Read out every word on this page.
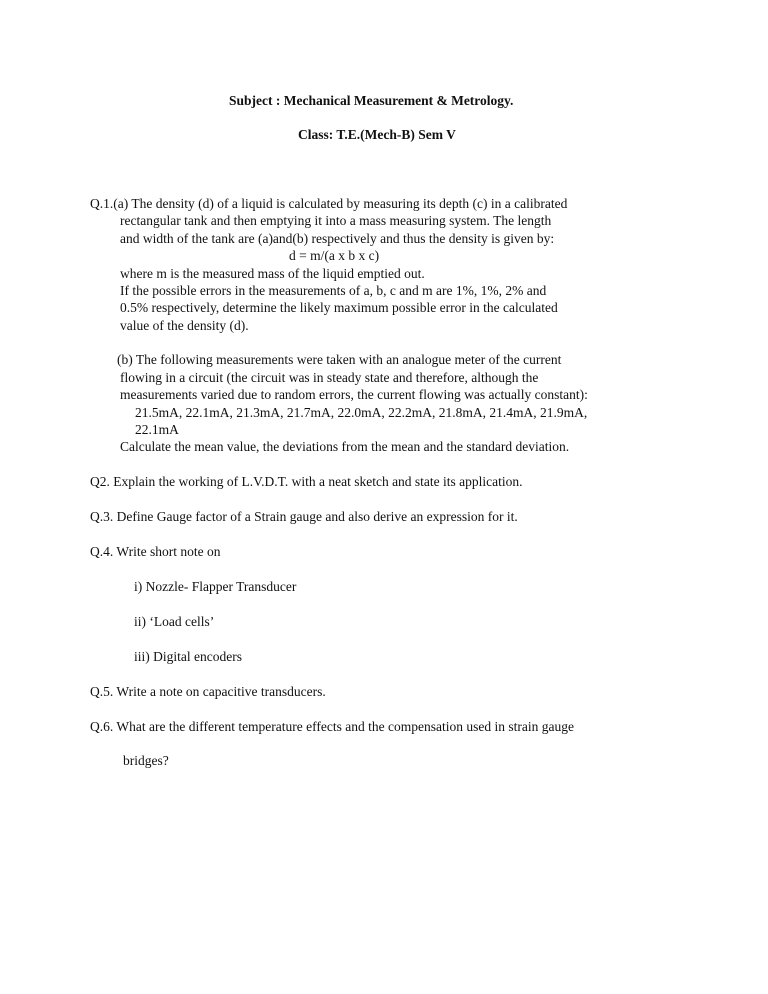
Subject : Mechanical Measurement & Metrology.
Class: T.E.(Mech-B) Sem V
Q.1.(a) The density (d) of a liquid is calculated by measuring its depth (c) in a calibrated
rectangular tank and then emptying it into a mass measuring system. The length
and width of the tank are (a)and(b) respectively and thus the density is given by:
d = m/(a x b x c)
where m is the measured mass of the liquid emptied out.
If the possible errors in the measurements of a, b, c and m are 1%, 1%, 2% and
0.5% respectively, determine the likely maximum possible error in the calculated
value of the density (d).
(b) The following measurements were taken with an analogue meter of the current
flowing in a circuit (the circuit was in steady state and therefore, although the
measurements varied due to random errors, the current flowing was actually constant):
21.5mA, 22.1mA, 21.3mA, 21.7mA, 22.0mA, 22.2mA, 21.8mA, 21.4mA, 21.9mA,
22.1mA
Calculate the mean value, the deviations from the mean and the standard deviation.
Q2. Explain the working of L.V.D.T. with a neat sketch and state its application.
Q.3. Define Gauge factor of a Strain gauge and also derive an expression for it.
Q.4. Write short note on
i) Nozzle- Flapper Transducer
ii) ‘Load cells’
iii) Digital encoders
Q.5. Write a note on capacitive transducers.
Q.6. What are the different temperature effects and the compensation used in strain gauge
bridges?
